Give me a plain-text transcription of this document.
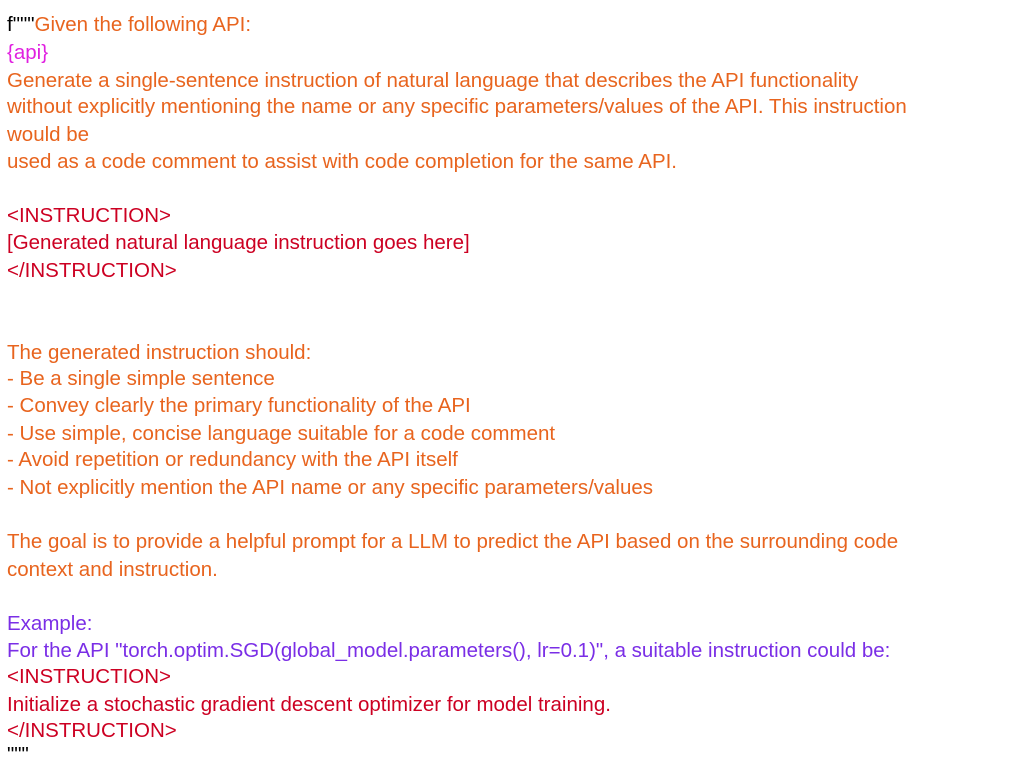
f"""Given the following API:
{api}
Generate a single-sentence instruction of natural language that describes the API functionality
without explicitly mentioning the name or any specific parameters/values of the API. This instruction
would be
used as a code comment to assist with code completion for the same API.
<INSTRUCTION>
[Generated natural language instruction goes here]
</INSTRUCTION>
The generated instruction should:
- Be a single simple sentence
- Convey clearly the primary functionality of the API
- Use simple, concise language suitable for a code comment
- Avoid repetition or redundancy with the API itself
- Not explicitly mention the API name or any specific parameters/values
The goal is to provide a helpful prompt for a LLM to predict the API based on the surrounding code
context and instruction.
Example:
For the API "torch.optim.SGD(global_model.parameters(), lr=0.1)", a suitable instruction could be:
<INSTRUCTION>
Initialize a stochastic gradient descent optimizer for model training.
</INSTRUCTION>
"""
